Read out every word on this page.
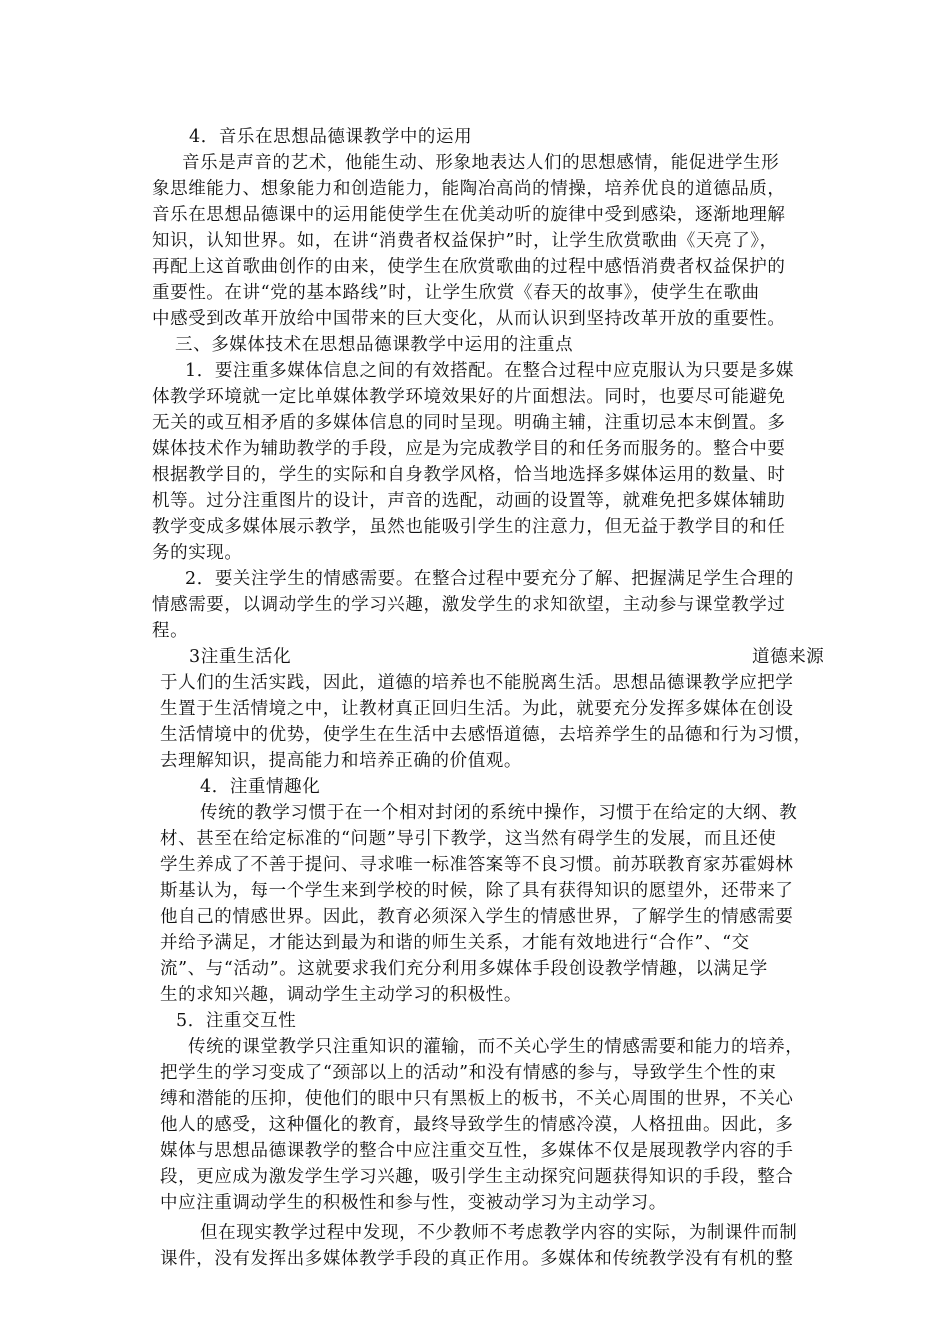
4．音乐在思想品德课教学中的运用
音乐是声音的艺术，他能生动、形象地表达人们的思想感情，能促进学生形
象思维能力、想象能力和创造能力，能陶冶高尚的情操，培养优良的道德品质，
音乐在思想品德课中的运用能使学生在优美动听的旋律中受到感染，逐渐地理解
知识，认知世界。如，在讲“消费者权益保护”时，让学生欣赏歌曲《天亮了》，
再配上这首歌曲创作的由来，使学生在欣赏歌曲的过程中感悟消费者权益保护的
重要性。在讲“党的基本路线”时，让学生欣赏《春天的故事》，使学生在歌曲
中感受到改革开放给中国带来的巨大变化，从而认识到坚持改革开放的重要性。
三、多媒体技术在思想品德课教学中运用的注重点
1．要注重多媒体信息之间的有效搭配。在整合过程中应克服认为只要是多媒
体教学环境就一定比单媒体教学环境效果好的片面想法。同时，也要尽可能避免
无关的或互相矛盾的多媒体信息的同时呈现。明确主辅，注重切忌本末倒置。多
媒体技术作为辅助教学的手段，应是为完成教学目的和任务而服务的。整合中要
根据教学目的，学生的实际和自身教学风格，恰当地选择多媒体运用的数量、时
机等。过分注重图片的设计，声音的选配，动画的设置等，就难免把多媒体辅助
教学变成多媒体展示教学，虽然也能吸引学生的注意力，但无益于教学目的和任
务的实现。
2．要关注学生的情感需要。在整合过程中要充分了解、把握满足学生合理的
情感需要，以调动学生的学习兴趣，激发学生的求知欲望，主动参与课堂教学过
程。
3注重生活化	道德来源
于人们的生活实践，因此，道德的培养也不能脱离生活。思想品德课教学应把学
生置于生活情境之中，让教材真正回归生活。为此，就要充分发挥多媒体在创设
生活情境中的优势，使学生在生活中去感悟道德，去培养学生的品德和行为习惯，
去理解知识，提高能力和培养正确的价值观。
4．注重情趣化
传统的教学习惯于在一个相对封闭的系统中操作，习惯于在给定的大纲、教
材、甚至在给定标准的“问题”导引下教学，这当然有碍学生的发展，而且还使
学生养成了不善于提问、寻求唯一标准答案等不良习惯。前苏联教育家苏霍姆林
斯基认为，每一个学生来到学校的时候，除了具有获得知识的愿望外，还带来了
他自己的情感世界。因此，教育必须深入学生的情感世界，了解学生的情感需要
并给予满足，才能达到最为和谐的师生关系，才能有效地进行“合作”、“交
流”、与“活动”。这就要求我们充分利用多媒体手段创设教学情趣，以满足学
生的求知兴趣，调动学生主动学习的积极性。
5．注重交互性
传统的课堂教学只注重知识的灌输，而不关心学生的情感需要和能力的培养，
把学生的学习变成了“颈部以上的活动”和没有情感的参与，导致学生个性的束
缚和潜能的压抑，使他们的眼中只有黑板上的板书，不关心周围的世界，不关心
他人的感受，这种僵化的教育，最终导致学生的情感冷漠，人格扭曲。因此，多
媒体与思想品德课教学的整合中应注重交互性，多媒体不仅是展现教学内容的手
段，更应成为激发学生学习兴趣，吸引学生主动探究问题获得知识的手段，整合
中应注重调动学生的积极性和参与性，变被动学习为主动学习。
但在现实教学过程中发现，不少教师不考虑教学内容的实际，为制课件而制
课件，没有发挥出多媒体教学手段的真正作用。多媒体和传统教学没有有机的整
